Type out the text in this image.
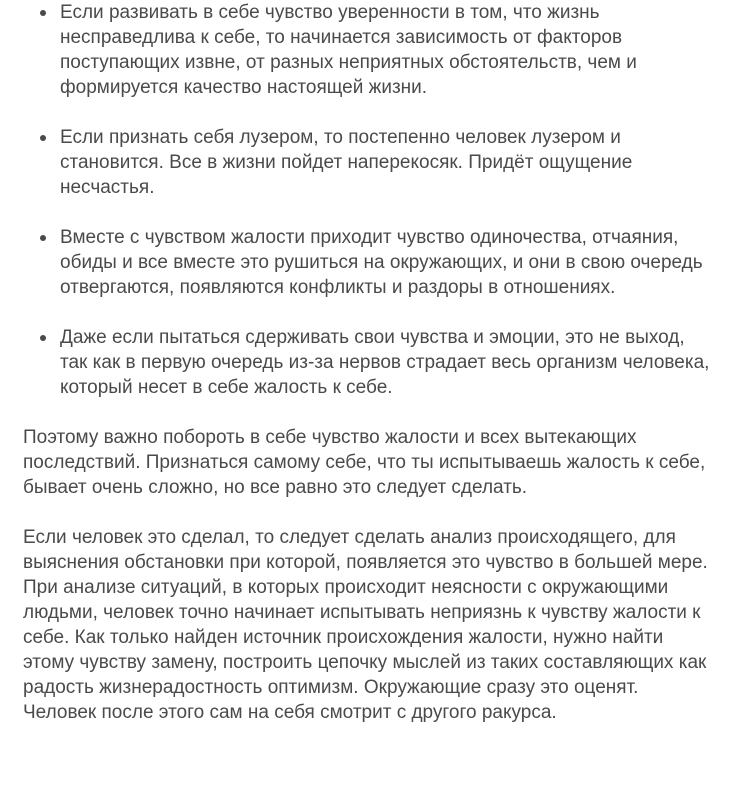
Если развивать в себе чувство уверенности в том, что жизнь несправедлива к себе, то начинается зависимость от факторов поступающих извне, от разных неприятных обстоятельств, чем и формируется качество настоящей жизни.
Если признать себя лузером, то постепенно человек лузером и становится. Все в жизни пойдет наперекосяк. Придёт ощущение несчастья.
Вместе с чувством жалости приходит чувство одиночества, отчаяния, обиды и все вместе это рушиться на окружающих, и они в свою очередь отвергаются, появляются конфликты и раздоры в отношениях.
Даже если пытаться сдерживать свои чувства и эмоции, это не выход, так как в первую очередь из-за нервов страдает весь организм человека, который несет в себе жалость к себе.

Поэтому важно побороть в себе чувство жалости и всех вытекающих последствий. Признаться самому себе, что ты испытываешь жалость к себе, бывает очень сложно, но все равно это следует сделать.

Если человек это сделал, то следует сделать анализ происходящего, для выяснения обстановки при которой, появляется это чувство в большей мере. При анализе ситуаций, в которых происходит неясности с окружающими людьми, человек точно начинает испытывать неприязнь к чувству жалости к себе. Как только найден источник происхождения жалости, нужно найти этому чувству замену, построить цепочку мыслей из таких составляющих как радость жизнерадостность оптимизм. Окружающие сразу это оценят. Человек после этого сам на себя смотрит с другого ракурса.
